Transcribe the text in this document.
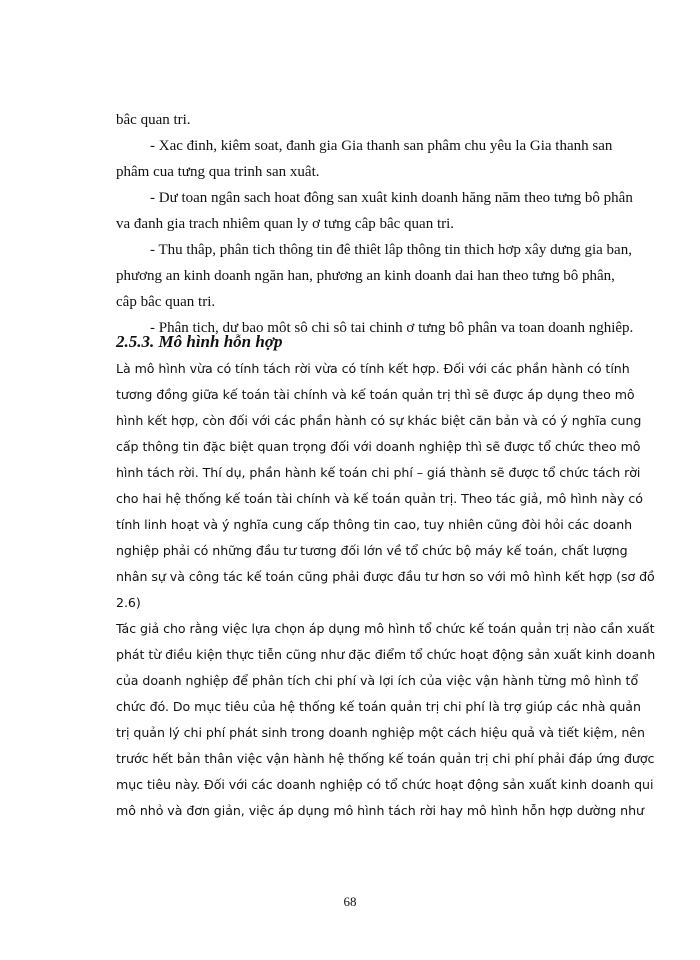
bâc quan tri.
- Xac đinh, kiêm soat, đanh gia Gia thanh san phâm chu yêu la Gia thanh san
phâm cua tưng qua trinh san xuât.
- Dư toan ngân sach hoat đông san xuât kinh doanh hăng năm theo tưng bô phân
va đanh gia trach nhiêm quan ly ơ tưng câp bâc quan tri.
- Thu thâp, phân tich thông tin đê thiêt lâp thông tin thich hơp xây dưng gia ban,
phương an kinh doanh ngăn han, phương an kinh doanh dai han theo tưng bô phân,
câp bâc quan tri.
- Phân tich, dư bao môt sô chi sô tai chinh ơ tưng bô phân va toan doanh nghiêp.
2.5.3. Mô hình hỗn hợp
Là mô hình vừa có tính tách rời vừa có tính kết hợp. Đối với các phần hành có tính
tương đồng giữa kế toán tài chính và kế toán quản trị thì sẽ được áp dụng theo mô
hình kết hợp, còn đối với các phần hành có sự khác biệt căn bản và có ý nghĩa cung
cấp thông tin đặc biệt quan trọng đối với doanh nghiệp thì sẽ được tổ chức theo mô
hình tách rời. Thí dụ, phần hành kế toán chi phí – giá thành sẽ được tổ chức tách rời
cho hai hệ thống kế toán tài chính và kế toán quản trị. Theo tác giả, mô hình này có
tính linh hoạt và ý nghĩa cung cấp thông tin cao, tuy nhiên cũng đòi hỏi các doanh
nghiệp phải có những đầu tư tương đối lớn về tổ chức bộ máy kế toán, chất lượng
nhân sự và công tác kế toán cũng phải được đầu tư hơn so với mô hình kết hợp (sơ đồ
2.6)
Tác giả cho rằng việc lựa chọn áp dụng mô hình tổ chức kế toán quản trị nào cần xuất
phát từ điều kiện thực tiễn cũng như đặc điểm tổ chức hoạt động sản xuất kinh doanh
của doanh nghiệp để phân tích chi phí và lợi ích của việc vận hành từng mô hình tổ
chức đó. Do mục tiêu của hệ thống kế toán quản trị chi phí là trợ giúp các nhà quản
trị quản lý chi phí phát sinh trong doanh nghiệp một cách hiệu quả và tiết kiệm, nên
trước hết bản thân việc vận hành hệ thống kế toán quản trị chi phí phải đáp ứng được
mục tiêu này. Đối với các doanh nghiệp có tổ chức hoạt động sản xuất kinh doanh qui
mô nhỏ và đơn giản, việc áp dụng mô hình tách rời hay mô hình hỗn hợp dường như
68
